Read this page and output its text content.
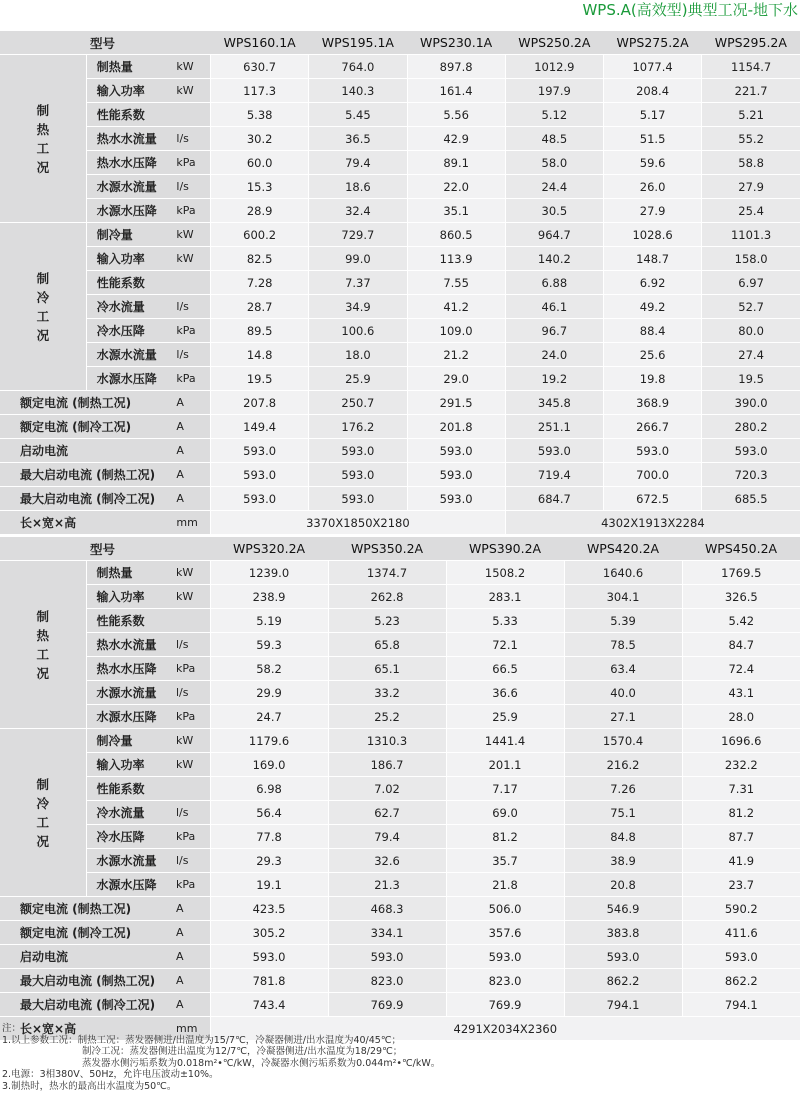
WPS.A(高效型)典型工况-地下水
型号			WPS160.1A	WPS195.1A	WPS230.1A	WPS250.2A	WPS275.2A	WPS295.2A

制
热
工
况	制热量	kW	630.7	764.0	897.8	1012.9	1077.4	1154.7
	输入功率	kW	117.3	140.3	161.4	197.9	208.4	221.7
	性能系数		5.38	5.45	5.56	5.12	5.17	5.21
	热水水流量	l/s	30.2	36.5	42.9	48.5	51.5	55.2
	热水水压降	kPa	60.0	79.4	89.1	58.0	59.6	58.8
	水源水流量	l/s	15.3	18.6	22.0	24.4	26.0	27.9
	水源水压降	kPa	28.9	32.4	35.1	30.5	27.9	25.4

制
冷
工
况	制冷量	kW	600.2	729.7	860.5	964.7	1028.6	1101.3
	输入功率	kW	82.5	99.0	113.9	140.2	148.7	158.0
	性能系数		7.28	7.37	7.55	6.88	6.92	6.97
	冷水流量	l/s	28.7	34.9	41.2	46.1	49.2	52.7
	冷水压降	kPa	89.5	100.6	109.0	96.7	88.4	80.0
	水源水流量	l/s	14.8	18.0	21.2	24.0	25.6	27.4
	水源水压降	kPa	19.5	25.9	29.0	19.2	19.8	19.5
额定电流 (制热工况)		A	207.8	250.7	291.5	345.8	368.9	390.0
额定电流 (制冷工况)		A	149.4	176.2	201.8	251.1	266.7	280.2
启动电流		A	593.0	593.0	593.0	593.0	593.0	593.0
最大启动电流 (制热工况)		A	593.0	593.0	593.0	719.4	700.0	720.3
最大启动电流 (制冷工况)		A	593.0	593.0	593.0	684.7	672.5	685.5
长×宽×高		mm	3370X1850X2180			4302X1913X2284		
型号			WPS320.2A	WPS350.2A	WPS390.2A	WPS420.2A	WPS450.2A

制
热
工
况	制热量	kW	1239.0	1374.7	1508.2	1640.6	1769.5
	输入功率	kW	238.9	262.8	283.1	304.1	326.5
	性能系数		5.19	5.23	5.33	5.39	5.42
	热水水流量	l/s	59.3	65.8	72.1	78.5	84.7
	热水水压降	kPa	58.2	65.1	66.5	63.4	72.4
	水源水流量	l/s	29.9	33.2	36.6	40.0	43.1
	水源水压降	kPa	24.7	25.2	25.9	27.1	28.0

制
冷
工
况	制冷量	kW	1179.6	1310.3	1441.4	1570.4	1696.6
	输入功率	kW	169.0	186.7	201.1	216.2	232.2
	性能系数		6.98	7.02	7.17	7.26	7.31
	冷水流量	l/s	56.4	62.7	69.0	75.1	81.2
	冷水压降	kPa	77.8	79.4	81.2	84.8	87.7
	水源水流量	l/s	29.3	32.6	35.7	38.9	41.9
	水源水压降	kPa	19.1	21.3	21.8	20.8	23.7
额定电流 (制热工况)		A	423.5	468.3	506.0	546.9	590.2
额定电流 (制冷工况)		A	305.2	334.1	357.6	383.8	411.6
启动电流		A	593.0	593.0	593.0	593.0	593.0
最大启动电流 (制热工况)		A	781.8	823.0	823.0	862.2	862.2
最大启动电流 (制冷工况)		A	743.4	769.9	769.9	794.1	794.1
长×宽×高		mm	4291X2034X2360				
注：
1.以上参数工况：制热工况：蒸发器侧进/出温度为15/7℃，冷凝器侧进/出水温度为40/45℃；
制冷工况：蒸发器侧进出温度为12/7℃，冷凝器侧进/出水温度为18/29℃；
蒸发器水侧污垢系数为0.018m²•℃/kW，冷凝器水侧污垢系数为0.044m²•℃/kW。
2.电源：3相380V、50Hz，允许电压波动±10%。
3.制热时，热水的最高出水温度为50℃。
